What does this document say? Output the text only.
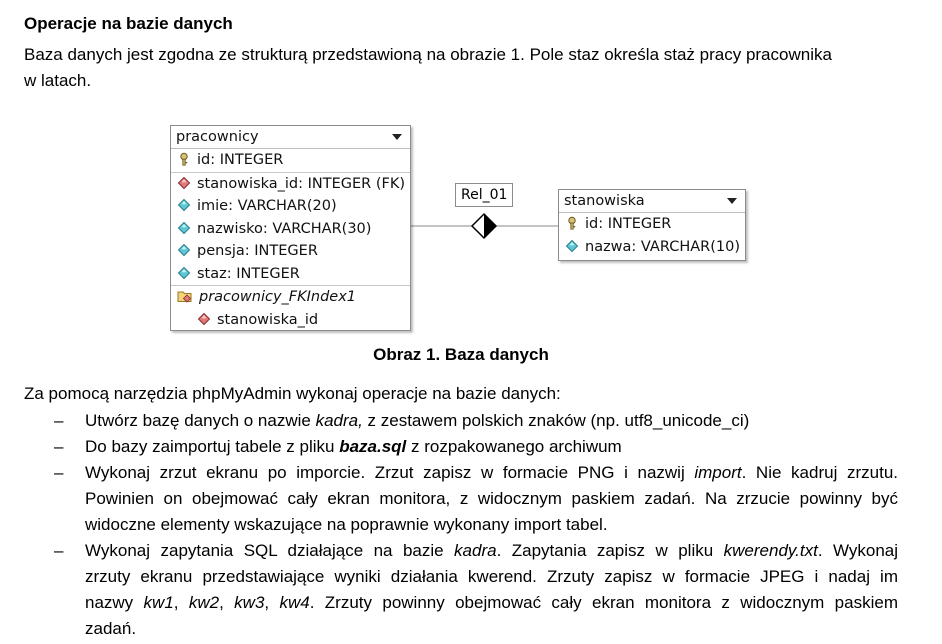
Operacje na bazie danych
Baza danych jest zgodna ze strukturą przedstawioną na obrazie 1. Pole staz określa staż pracy pracownika
w latach.
Rel_01
pracownicy
id: INTEGER
stanowiska_id: INTEGER (FK)
imie: VARCHAR(20)
nazwisko: VARCHAR(30)
pensja: INTEGER
staz: INTEGER
pracownicy_FKIndex1
stanowiska_id
stanowiska
id: INTEGER
nazwa: VARCHAR(10)
Obraz 1. Baza danych
Za pomocą narzędzia phpMyAdmin wykonaj operacje na bazie danych:
– Utwórz bazę danych o nazwie kadra, z zestawem polskich znaków (np. utf8_unicode_ci)
– Do bazy zaimportuj tabele z pliku baza.sql z rozpakowanego archiwum
– Wykonaj zrzut ekranu po imporcie. Zrzut zapisz w formacie PNG i nazwij import. Nie kadruj zrzutu.
Powinien on obejmować cały ekran monitora, z widocznym paskiem zadań. Na zrzucie powinny być
widoczne elementy wskazujące na poprawnie wykonany import tabel.
– Wykonaj zapytania SQL działające na bazie kadra. Zapytania zapisz w pliku kwerendy.txt. Wykonaj
zrzuty ekranu przedstawiające wyniki działania kwerend. Zrzuty zapisz w formacie JPEG i nadaj im
nazwy kw1, kw2, kw3, kw4. Zrzuty powinny obejmować cały ekran monitora z widocznym paskiem
zadań.
